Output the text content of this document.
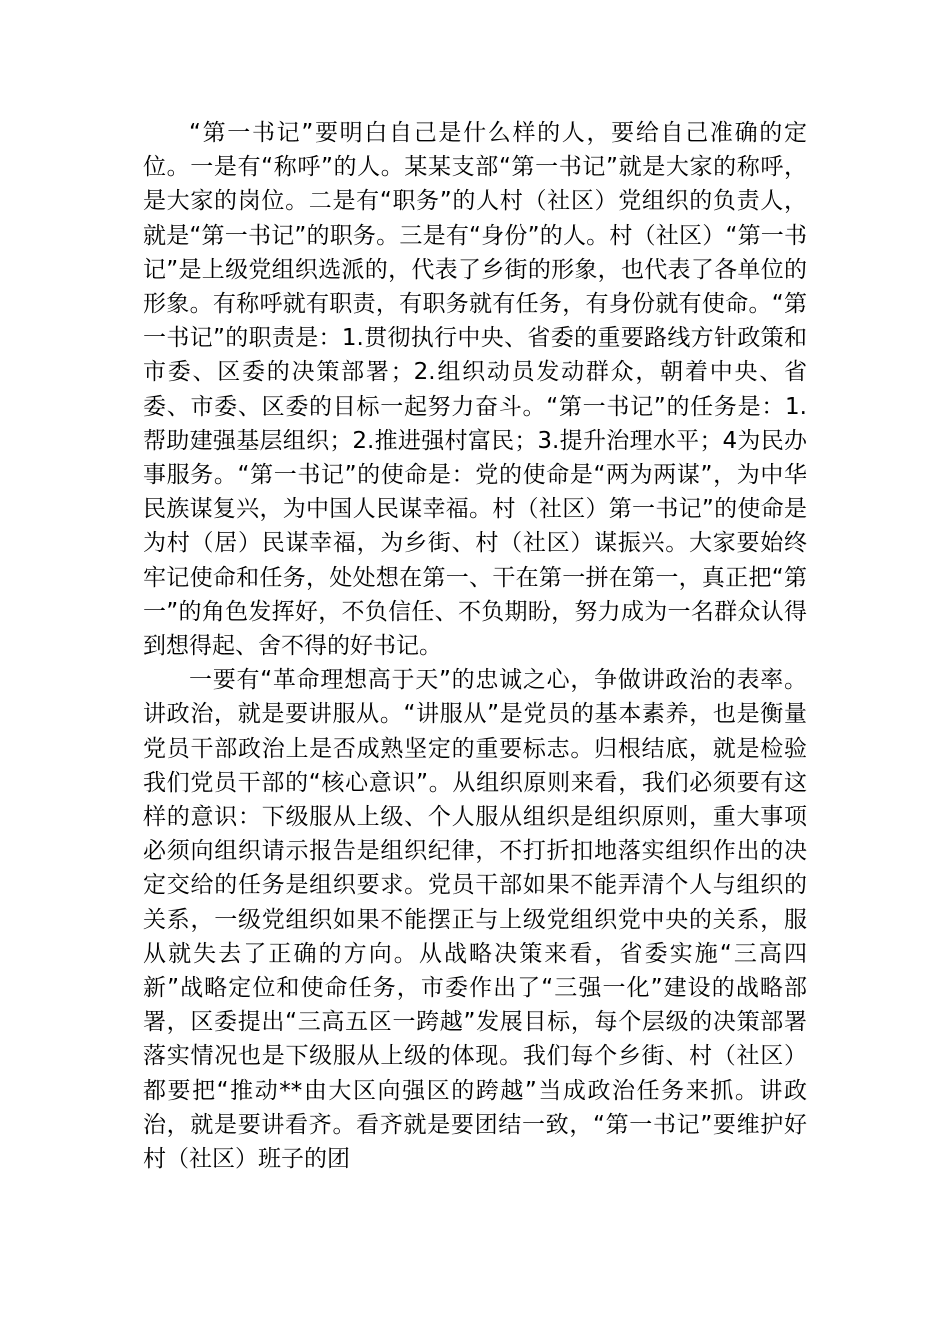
“第一书记”要明白自己是什么样的人，要给自己准确的定位。一是有“称呼”的人。某某支部“第一书记”就是大家的称呼，是大家的岗位。二是有“职务”的人村（社区）党组织的负责人，就是“第一书记”的职务。三是有“身份”的人。村（社区）“第一书记”是上级党组织选派的，代表了乡街的形象，也代表了各单位的形象。有称呼就有职责，有职务就有任务，有身份就有使命。“第一书记”的职责是：1.贯彻执行中央、省委的重要路线方针政策和市委、区委的决策部署；2.组织动员发动群众，朝着中央、省委、市委、区委的目标一起努力奋斗。“第一书记”的任务是：1.帮助建强基层组织；2.推进强村富民；3.提升治理水平；4为民办事服务。“第一书记”的使命是：党的使命是“两为两谋”，为中华民族谋复兴，为中国人民谋幸福。村（社区）第一书记”的使命是为村（居）民谋幸福，为乡街、村（社区）谋振兴。大家要始终牢记使命和任务，处处想在第一、干在第一拼在第一，真正把“第一”的角色发挥好，不负信任、不负期盼，努力成为一名群众认得到想得起、舍不得的好书记。

一要有“革命理想高于天”的忠诚之心，争做讲政治的表率。讲政治，就是要讲服从。“讲服从”是党员的基本素养，也是衡量党员干部政治上是否成熟坚定的重要标志。归根结底，就是检验我们党员干部的“核心意识”。从组织原则来看，我们必须要有这样的意识：下级服从上级、个人服从组织是组织原则，重大事项必须向组织请示报告是组织纪律，不打折扣地落实组织作出的决定交给的任务是组织要求。党员干部如果不能弄清个人与组织的关系，一级党组织如果不能摆正与上级党组织党中央的关系，服从就失去了正确的方向。从战略决策来看，省委实施“三高四新”战略定位和使命任务，市委作出了“三强一化”建设的战略部署，区委提出“三高五区一跨越”发展目标，每个层级的决策部署落实情况也是下级服从上级的体现。我们每个乡街、村（社区）都要把“推动**由大区向强区的跨越”当成政治任务来抓。讲政治，就是要讲看齐。看齐就是要团结一致，“第一书记”要维护好村（社区）班子的团
